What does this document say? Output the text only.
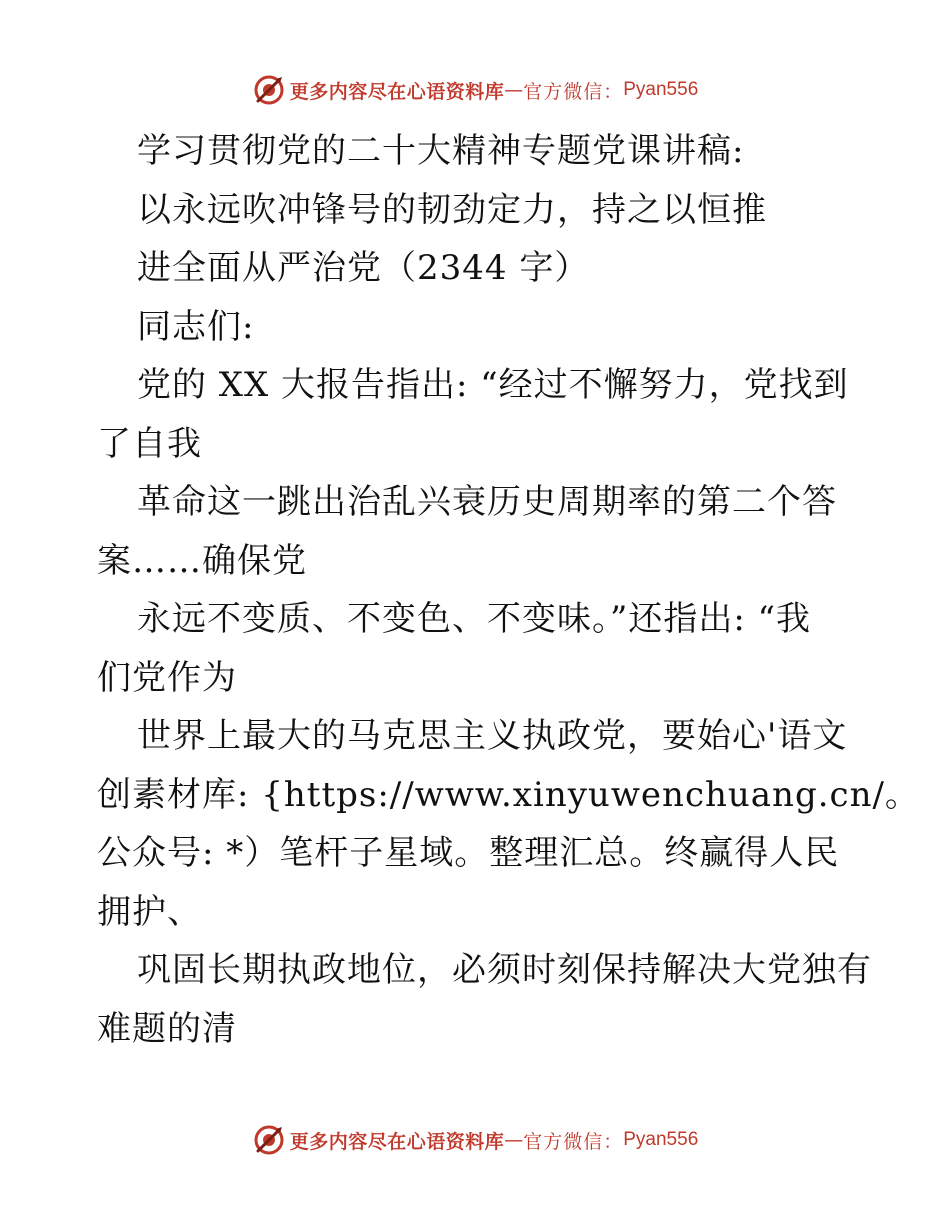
更多内容尽在心语资料库 — 官方微信： Pyan556
学习贯彻党的二十大精神专题党课讲稿:
以永远吹冲锋号的韧劲定力，持之以恒推
进全面从严治党（2344 字）
同志们:
党的 XX 大报告指出: “经过不懈努力，党找到
了自我
革命这一跳出治乱兴衰历史周期率的第二个答
案……确保党
永远不变质、不变色、不变味。”还指出: “我
们党作为
世界上最大的马克思主义执政党，要始心'语文
创素材库: {https://www.xinyuwenchuang.cn/。
公众号: *）笔杆子星域。整理汇总。终赢得人民
拥护、
巩固长期执政地位，必须时刻保持解决大党独有
难题的清
更多内容尽在心语资料库 — 官方微信： Pyan556
